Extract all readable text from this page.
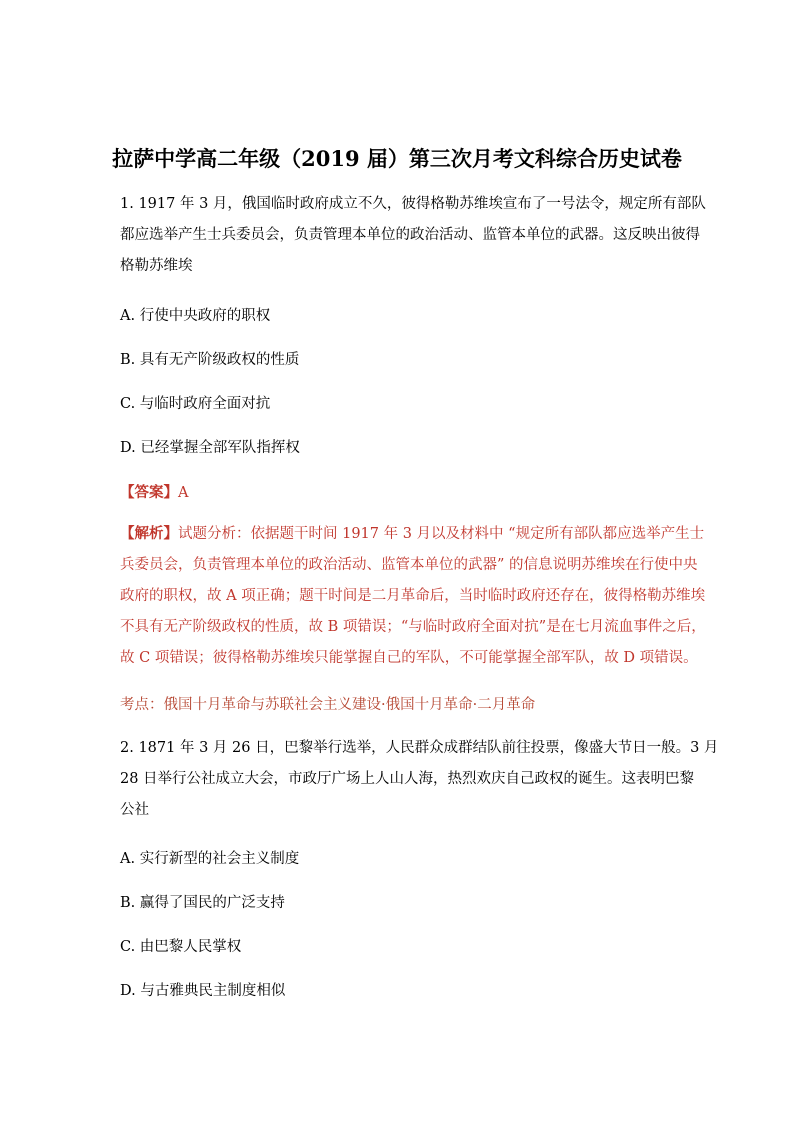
拉萨中学高二年级（2019 届）第三次月考文科综合历史试卷
1. 1917 年 3 月，俄国临时政府成立不久，彼得格勒苏维埃宣布了一号法令，规定所有部队
都应选举产生士兵委员会，负责管理本单位的政治活动、监管本单位的武器。这反映出彼得
格勒苏维埃
A. 行使中央政府的职权
B. 具有无产阶级政权的性质
C. 与临时政府全面对抗
D. 已经掌握全部军队指挥权
【答案】A
【解析】试题分析：依据题干时间 1917 年 3 月以及材料中 “规定所有部队都应选举产生士
兵委员会，负责管理本单位的政治活动、监管本单位的武器” 的信息说明苏维埃在行使中央
政府的职权，故 A 项正确；题干时间是二月革命后，当时临时政府还存在，彼得格勒苏维埃
不具有无产阶级政权的性质，故 B 项错误；“与临时政府全面对抗”是在七月流血事件之后，
故 C 项错误；彼得格勒苏维埃只能掌握自己的军队，不可能掌握全部军队，故 D 项错误。
考点：俄国十月革命与苏联社会主义建设·俄国十月革命·二月革命
2. 1871 年 3 月 26 日，巴黎举行选举，人民群众成群结队前往投票，像盛大节日一般。3 月
28 日举行公社成立大会，市政厅广场上人山人海，热烈欢庆自己政权的诞生。这表明巴黎
公社
A. 实行新型的社会主义制度
B. 赢得了国民的广泛支持
C. 由巴黎人民掌权
D. 与古雅典民主制度相似
